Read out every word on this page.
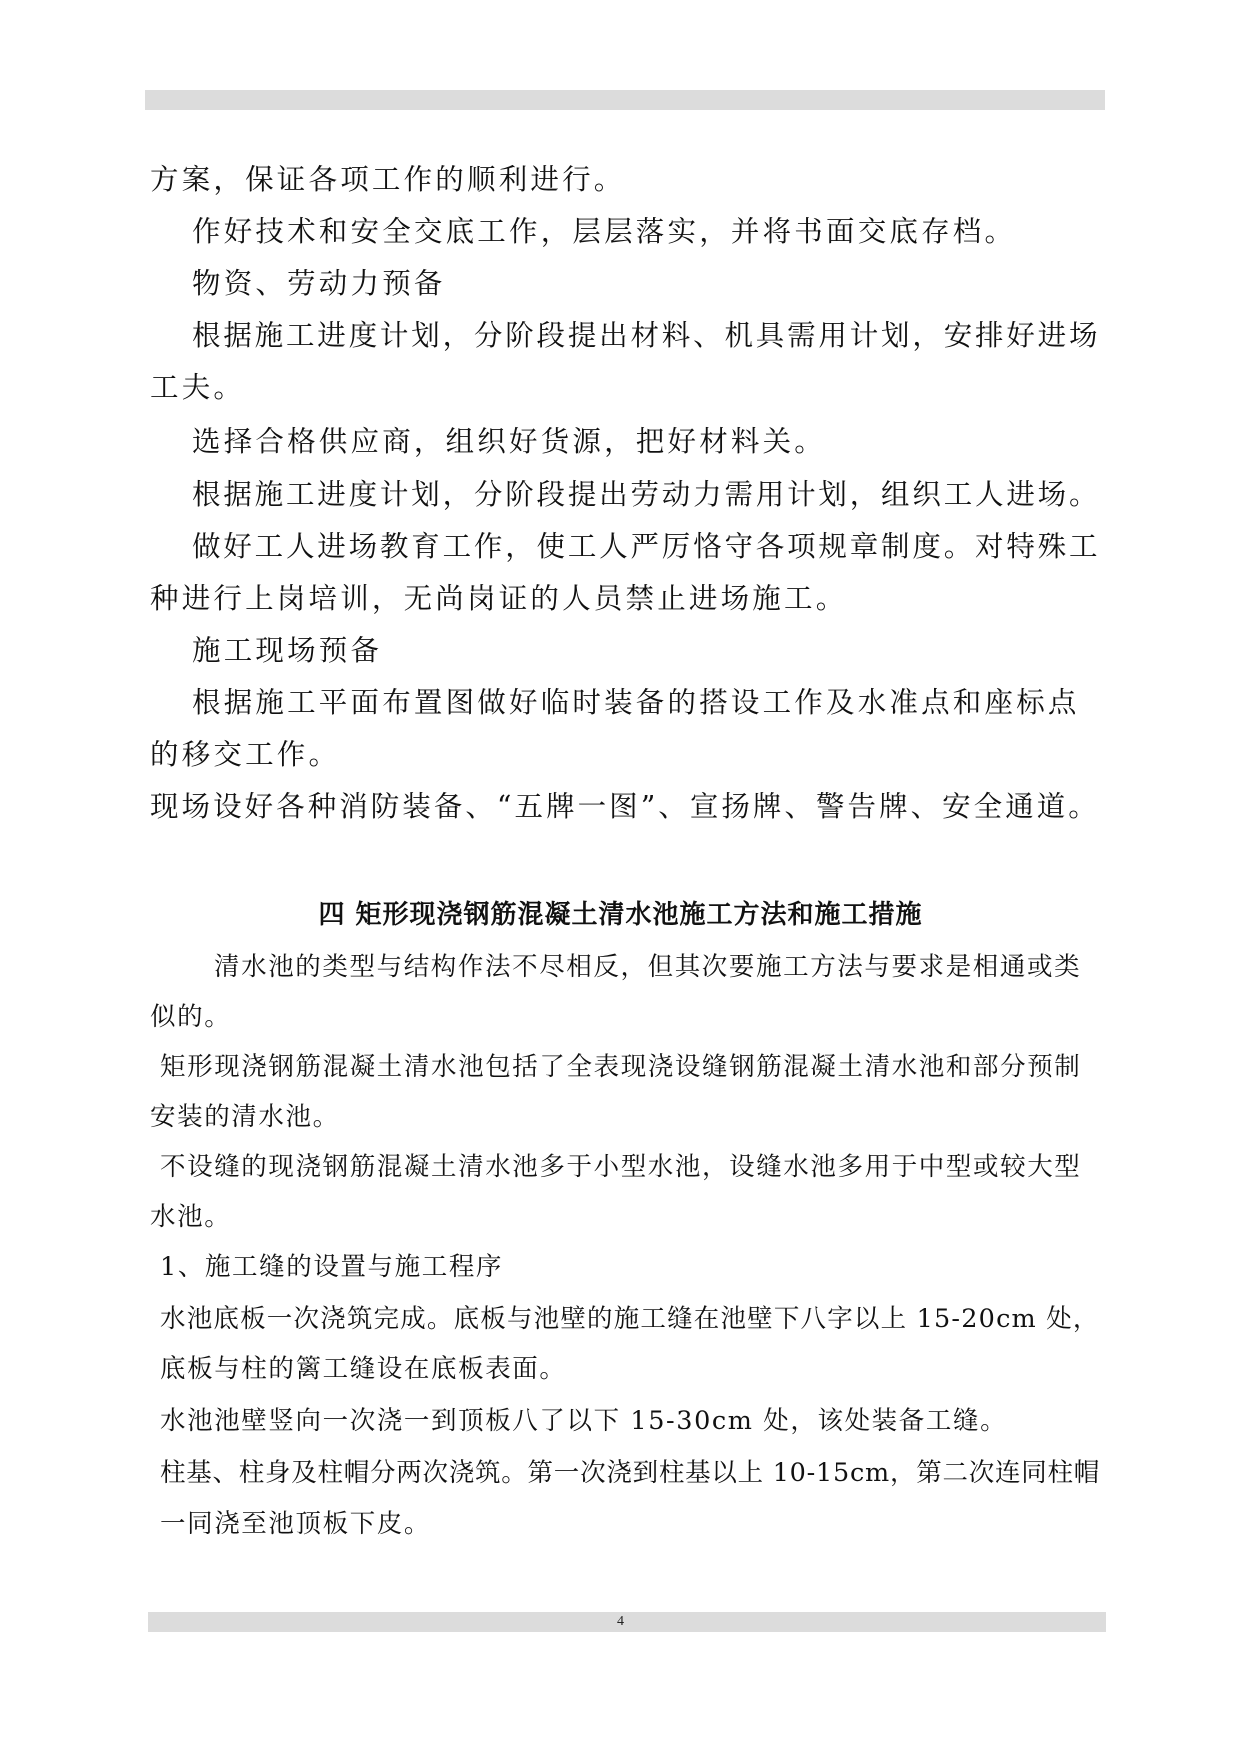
方案，保证各项工作的顺利进行。
作好技术和安全交底工作，层层落实，并将书面交底存档。
物资、劳动力预备
根据施工进度计划，分阶段提出材料、机具需用计划，安排好进场
工夫。
选择合格供应商，组织好货源，把好材料关。
根据施工进度计划，分阶段提出劳动力需用计划，组织工人进场。
做好工人进场教育工作，使工人严厉恪守各项规章制度。对特殊工
种进行上岗培训，无尚岗证的人员禁止进场施工。
施工现场预备
根据施工平面布置图做好临时装备的搭设工作及水准点和座标点
的移交工作。
现场设好各种消防装备、“五牌一图”、宣扬牌、警告牌、安全通道。
四 矩形现浇钢筋混凝土清水池施工方法和施工措施
清水池的类型与结构作法不尽相反，但其次要施工方法与要求是相通或类
似的。
矩形现浇钢筋混凝土清水池包括了全表现浇设缝钢筋混凝土清水池和部分预制
安装的清水池。
不设缝的现浇钢筋混凝土清水池多于小型水池，设缝水池多用于中型或较大型
水池。
1、施工缝的设置与施工程序
水池底板一次浇筑完成。底板与池壁的施工缝在池壁下八字以上 15-20cm 处，
底板与柱的篱工缝设在底板表面。
水池池壁竖向一次浇一到顶板八了以下 15-30cm 处，该处装备工缝。
柱基、柱身及柱帽分两次浇筑。第一次浇到柱基以上 10-15cm，第二次连同柱帽
一同浇至池顶板下皮。
4
